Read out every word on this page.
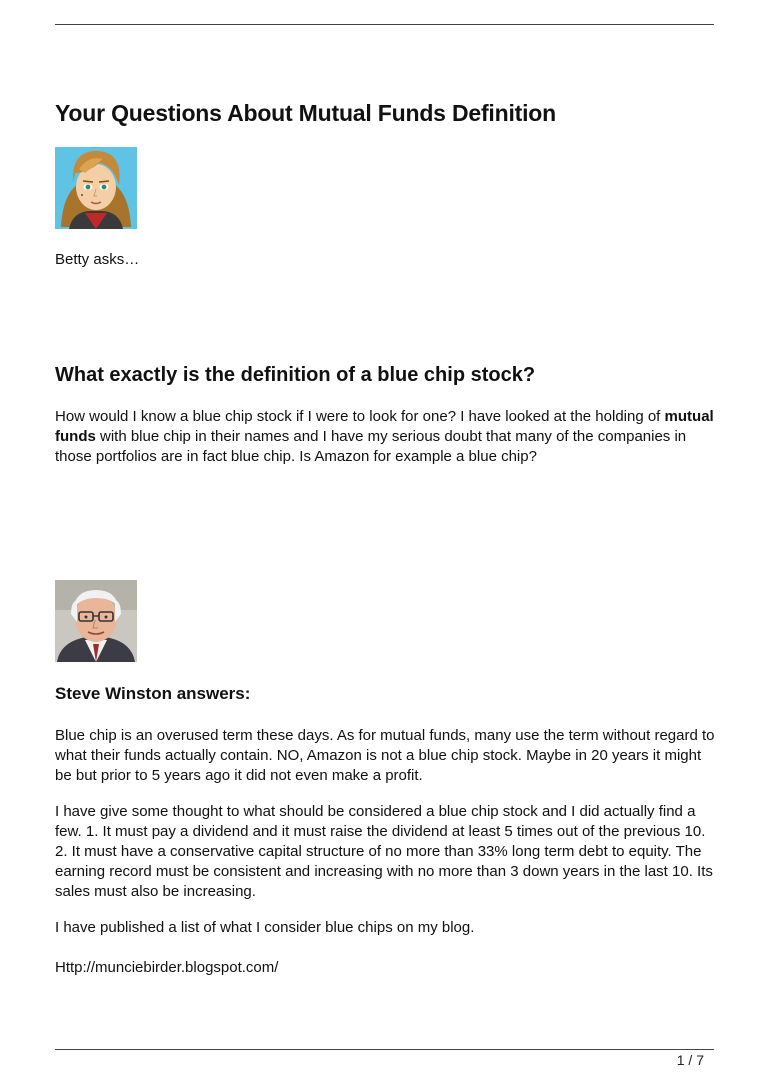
Your Questions About Mutual Funds Definition

Betty asks…

What exactly is the definition of a blue chip stock?

How would I know a blue chip stock if I were to look for one? I have looked at the holding of mutual funds with blue chip in their names and I have my serious doubt that many of the companies in those portfolios are in fact blue chip. Is Amazon for example a blue chip?

Steve Winston answers:

Blue chip is an overused term these days. As for mutual funds, many use the term without regard to what their funds actually contain. NO, Amazon is not a blue chip stock. Maybe in 20 years it might be but prior to 5 years ago it did not even make a profit.

I have give some thought to what should be considered a blue chip stock and I did actually find a few. 1. It must pay a dividend and it must raise the dividend at least 5 times out of the previous 10. 2. It must have a conservative capital structure of no more than 33% long term debt to equity. The earning record must be consistent and increasing with no more than 3 down years in the last 10. Its sales must also be increasing.

I have published a list of what I consider blue chips on my blog.

Http://munciebirder.blogspot.com/

1 / 7
